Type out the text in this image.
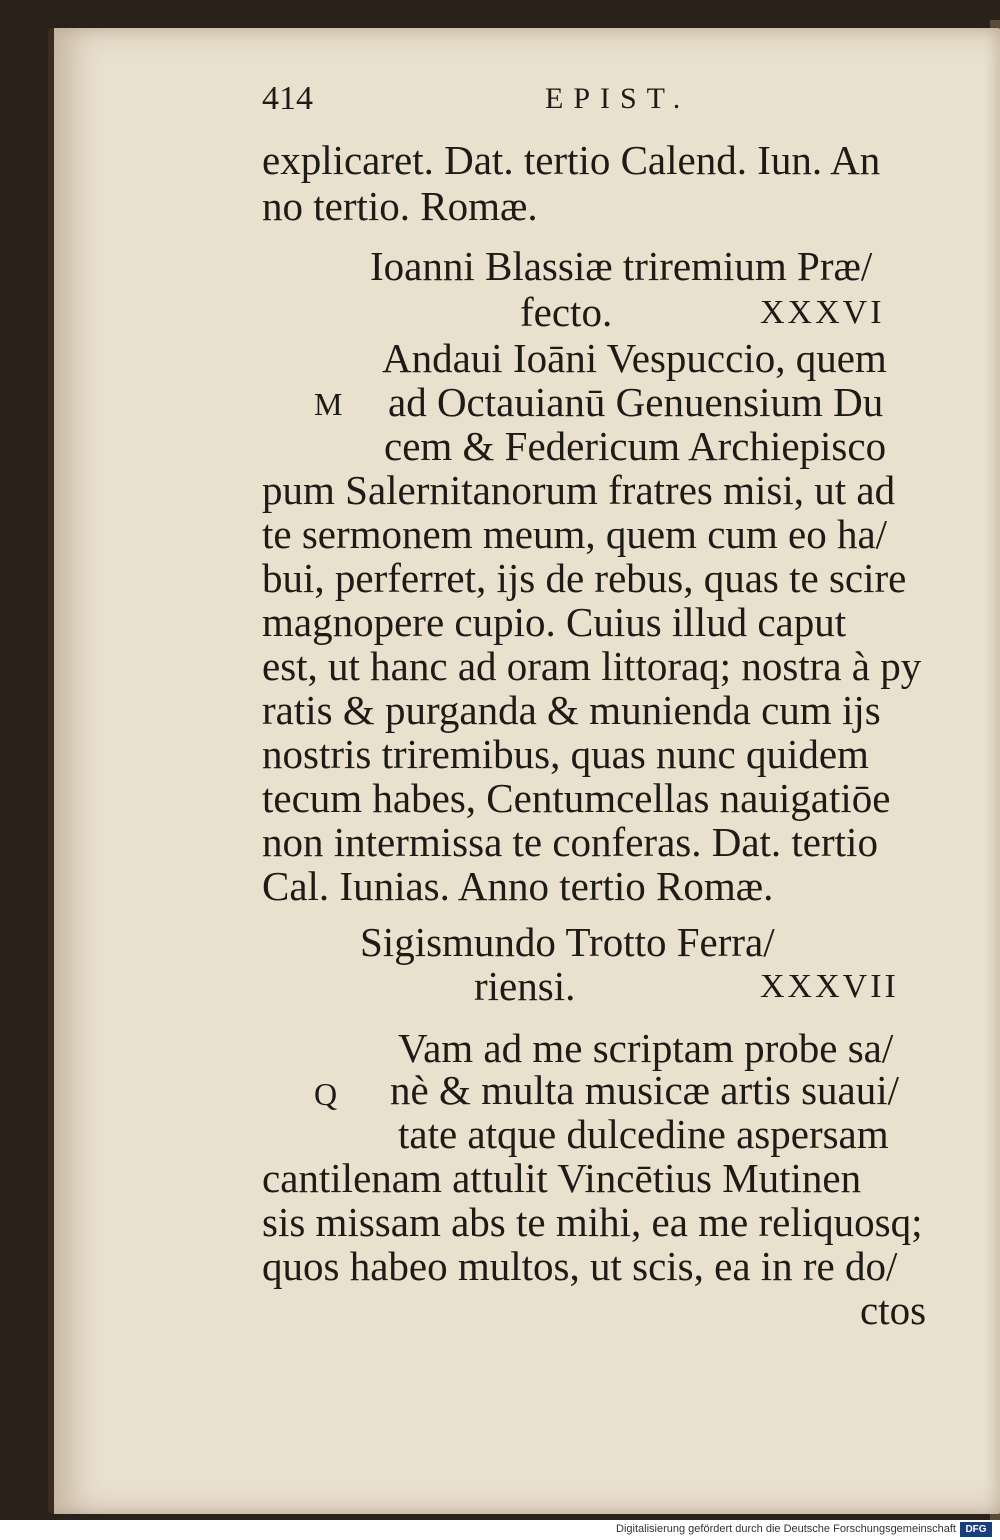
414	EPIST.
explicaret. Dat. tertio Calend. Iun. An
no tertio. Romæ.
Ioanni Blassiæ triremium Præ/
fecto.	XXXVI
Andaui Ioāni Vespuccio, quem
M ad Octauianū Genuensium Du
cem & Federicum Archiepisco
pum Salernitanorum fratres misi, ut ad
te sermonem meum, quem cum eo ha/
bui, perferret, ijs de rebus, quas te scire
magnopere cupio. Cuius illud caput
est, ut hanc ad oram littoraq; nostra à py
ratis & purganda & munienda cum ijs
nostris triremibus, quas nunc quidem
tecum habes, Centumcellas nauigatiōe
non intermissa te conferas. Dat. tertio
Cal. Iunias. Anno tertio Romæ.
Sigismundo Trotto Ferra/
riensi.	XXXVII
Vam ad me scriptam probe sa/
Q nè & multa musicæ artis suaui/
tate atque dulcedine aspersam
cantilenam attulit Vincētius Mutinen
sis missam abs te mihi, ea me reliquosq;
quos habeo multos, ut scis, ea in re do/
ctos
Digitalisierung gefördert durch die Deutsche Forschungsgemeinschaft DFG
